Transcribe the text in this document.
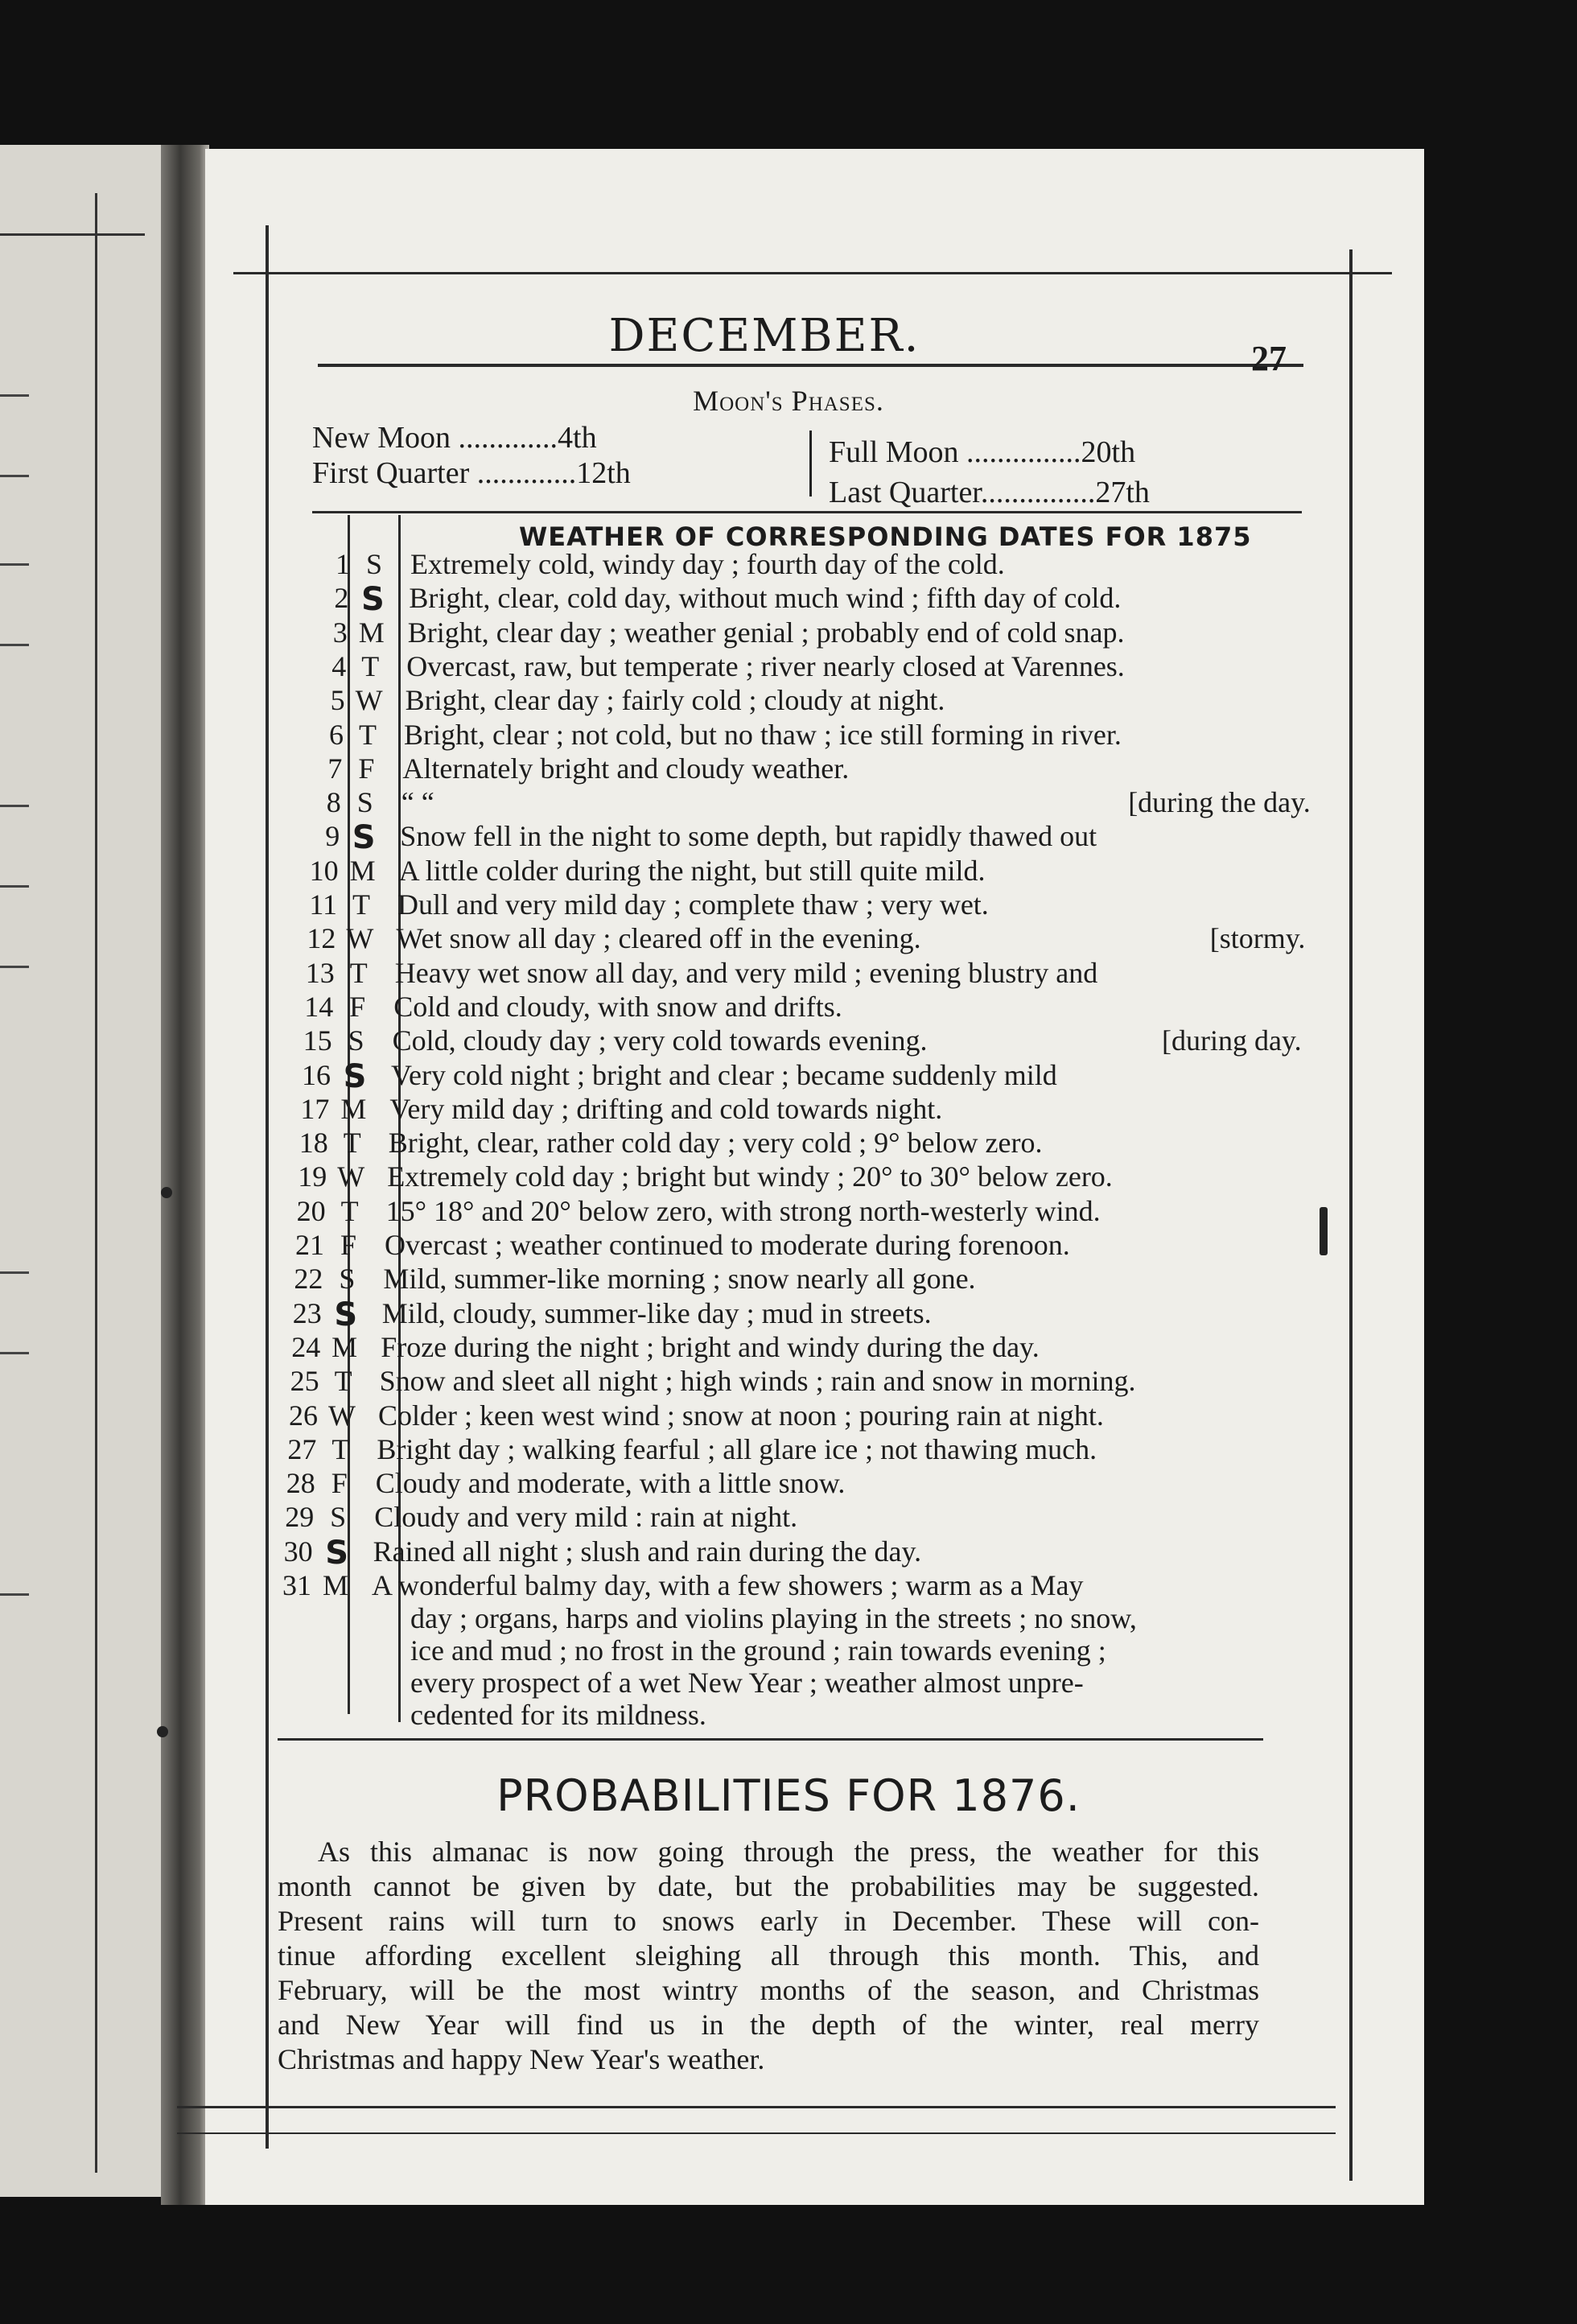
DECEMBER.	27
Moon's Phases.
New Moon .............4th
First Quarter .............12th
Full Moon ...............20th
Last Quarter...............27th
WEATHER OF CORRESPONDING DATES FOR 1875
1 S Extremely cold, windy day ; fourth day of the cold.
2 S Bright, clear, cold day, without much wind ; fifth day of cold.
3 M Bright, clear day ; weather genial ; probably end of cold snap.
4 T Overcast, raw, but temperate ; river nearly closed at Varennes.
5 W Bright, clear day ; fairly cold ; cloudy at night.
6 T Bright, clear ; not cold, but no thaw ; ice still forming in river.
7 F Alternately bright and cloudy weather.
8 S “ “	[during the day.
9 S Snow fell in the night to some depth, but rapidly thawed out
10 M A little colder during the night, but still quite mild.
11 T Dull and very mild day ; complete thaw ; very wet.
12 W Wet snow all day ; cleared off in the evening.	[stormy.
13 T Heavy wet snow all day, and very mild ; evening blustry and
14 F Cold and cloudy, with snow and drifts.
15 S Cold, cloudy day ; very cold towards evening.	[during day.
16 S Very cold night ; bright and clear ; became suddenly mild
17 M Very mild day ; drifting and cold towards night.
18 T Bright, clear, rather cold day ; very cold ; 9° below zero.
19 W Extremely cold day ; bright but windy ; 20° to 30° below zero.
20 T 15° 18° and 20° below zero, with strong north-westerly wind.
21 F Overcast ; weather continued to moderate during forenoon.
22 S Mild, summer-like morning ; snow nearly all gone.
23 S Mild, cloudy, summer-like day ; mud in streets.
24 M Froze during the night ; bright and windy during the day.
25 T Snow and sleet all night ; high winds ; rain and snow in morning.
26 W Colder ; keen west wind ; snow at noon ; pouring rain at night.
27 T Bright day ; walking fearful ; all glare ice ; not thawing much.
28 F Cloudy and moderate, with a little snow.
29 S Cloudy and very mild : rain at night.
30 S Rained all night ; slush and rain during the day.
31 M A wonderful balmy day, with a few showers ; warm as a May
day ; organs, harps and violins playing in the streets ; no snow,
ice and mud ; no frost in the ground ; rain towards evening ;
every prospect of a wet New Year ; weather almost unpre-
cedented for its mildness.
PROBABILITIES FOR 1876.
As this almanac is now going through the press, the weather for this
month cannot be given by date, but the probabilities may be suggested.
Present rains will turn to snows early in December. These will con-
tinue affording excellent sleighing all through this month. This, and
February, will be the most wintry months of the season, and Christmas
and New Year will find us in the depth of the winter, real merry
Christmas and happy New Year's weather.
